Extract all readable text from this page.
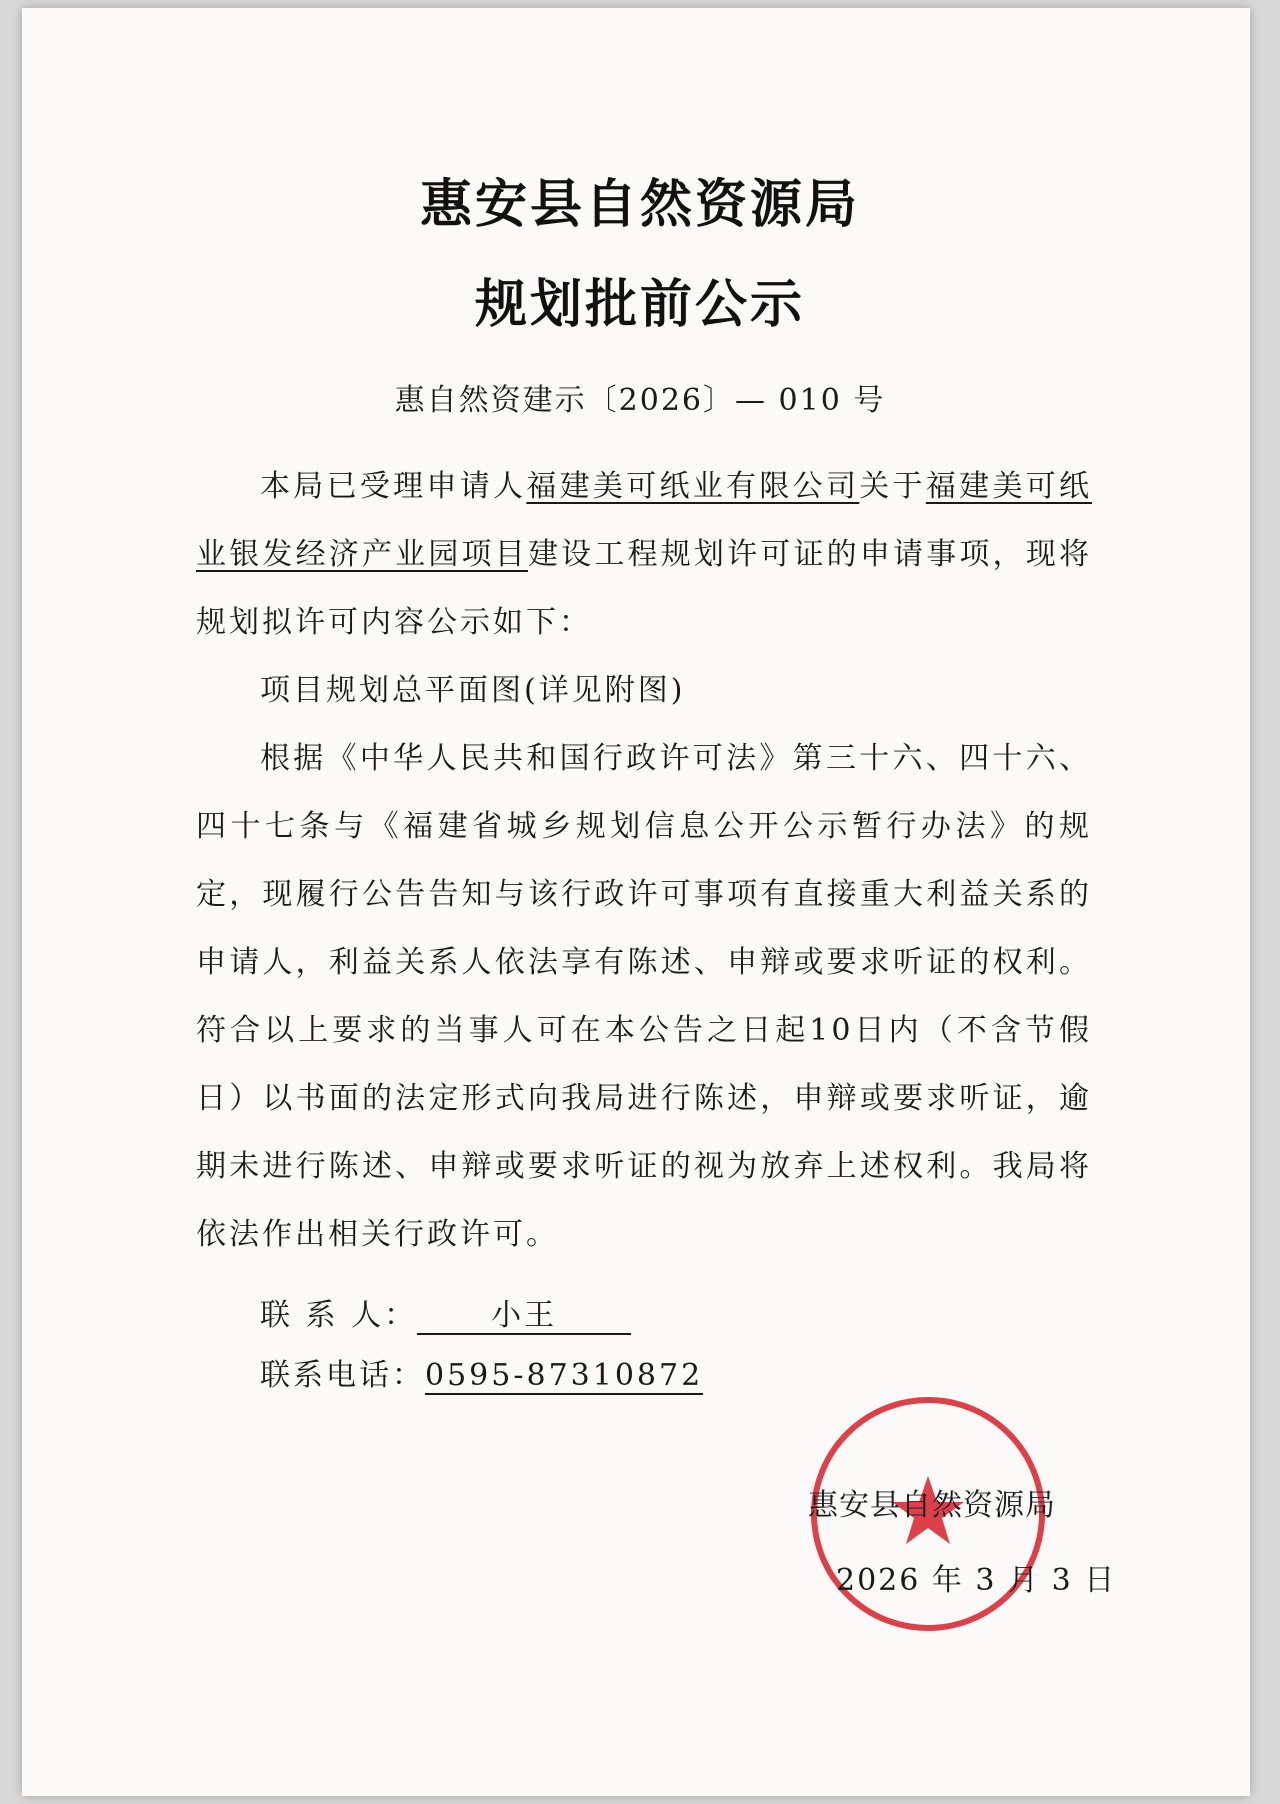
惠安县自然资源局
规划批前公示
惠自然资建示〔2026〕— 010 号

本局已受理申请人福建美可纸业有限公司关于福建美可纸业银发经济产业园项目建设工程规划许可证的申请事项，现将规划拟许可内容公示如下：

项目规划总平面图(详见附图)

根据《中华人民共和国行政许可法》第三十六、四十六、四十七条与《福建省城乡规划信息公开公示暂行办法》的规定，现履行公告告知与该行政许可事项有直接重大利益关系的申请人，利益关系人依法享有陈述、申辩或要求听证的权利。符合以上要求的当事人可在本公告之日起10日内（不含节假日）以书面的法定形式向我局进行陈述，申辩或要求听证，逾期未进行陈述、申辩或要求听证的视为放弃上述权利。我局将依法作出相关行政许可。

联 系 人： 小王
联系电话：0595-87310872
惠安县自然资源局
2026 年 3 月 3 日
